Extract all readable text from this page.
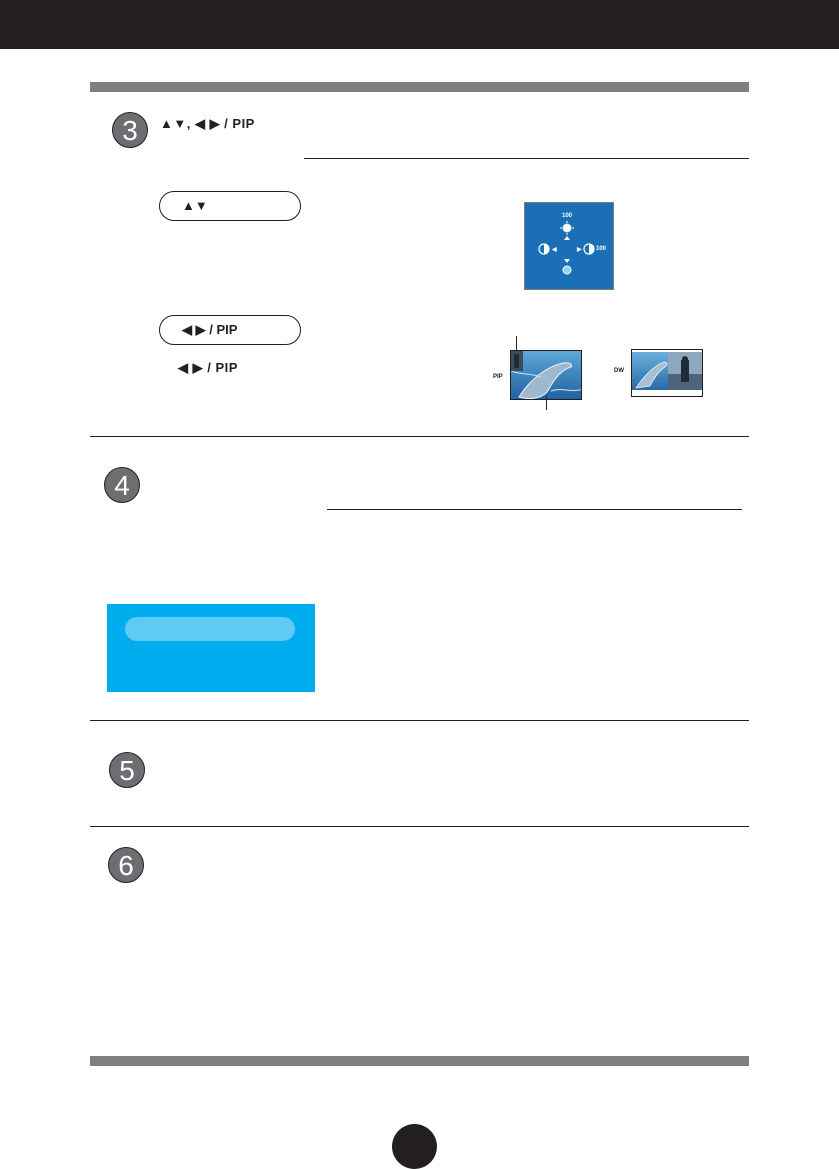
3	▲▼, ◀ ▶ / PIP
▲▼
100
◀	▶ 100
◀ ▶ / PIP
◀ ▶ / PIP
PIP
DW
4
5
6
